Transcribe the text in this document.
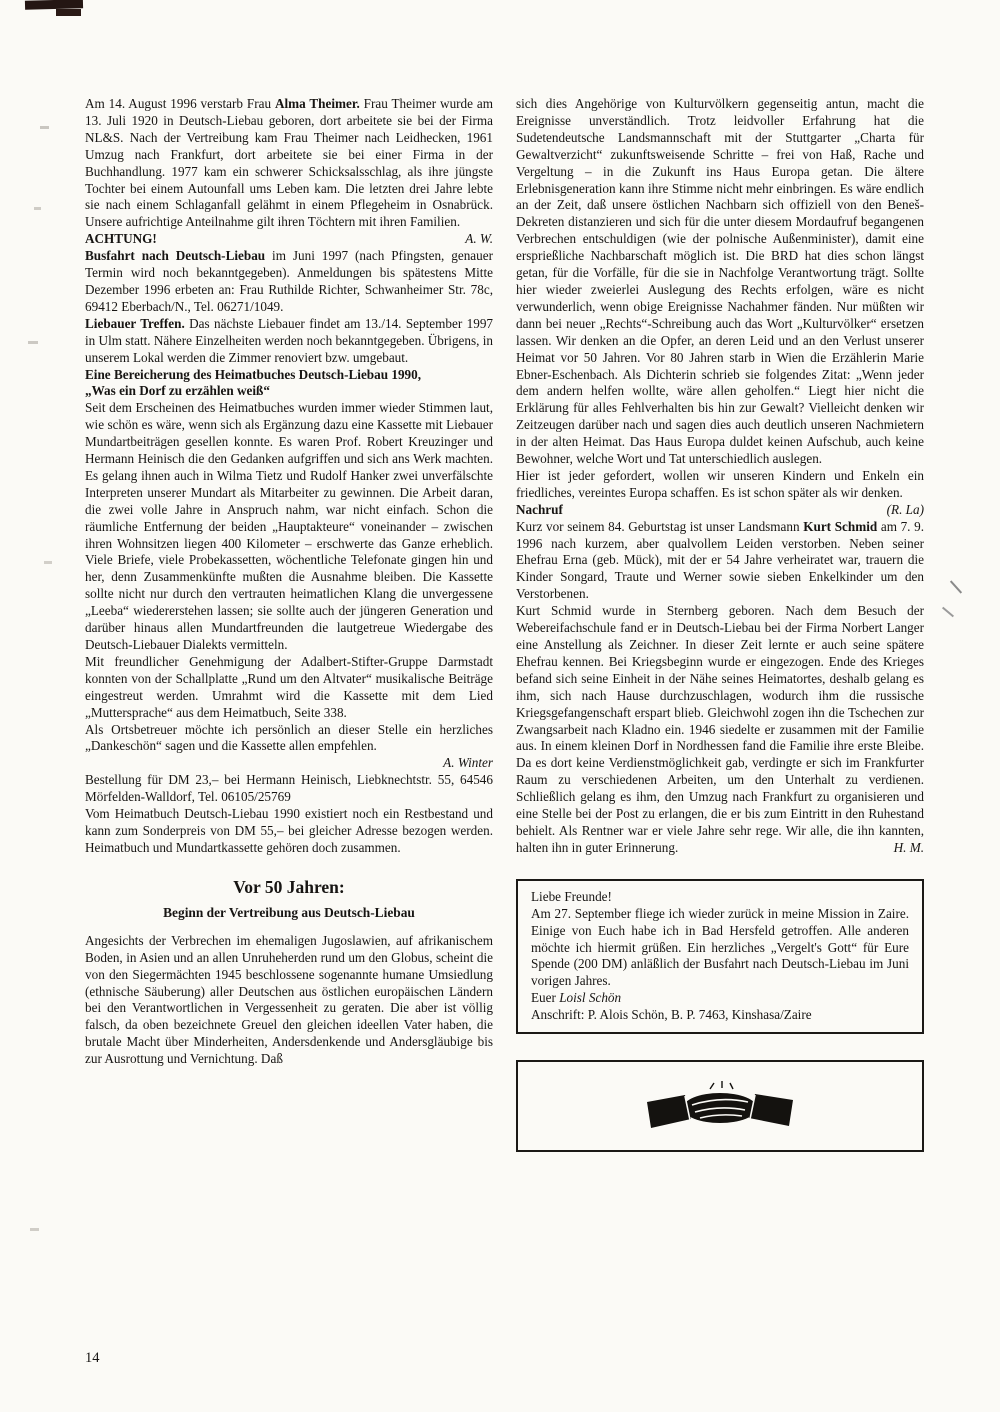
Am 14. August 1996 verstarb Frau Alma Theimer. Frau Theimer wurde am 13. Juli 1920 in Deutsch-Liebau geboren, dort arbeitete sie bei der Firma NL&S. Nach der Vertreibung kam Frau Theimer nach Leidhecken, 1961 Umzug nach Frankfurt, dort arbeitete sie bei einer Firma in der Buchhandlung. 1977 kam ein schwerer Schicksalsschlag, als ihre jüngste Tochter bei einem Autounfall ums Leben kam. Die letzten drei Jahre lebte sie nach einem Schlaganfall gelähmt in einem Pflegeheim in Osnabrück. Unsere aufrichtige Anteilnahme gilt ihren Töchtern mit ihren Familien.
A. W.

ACHTUNG!

Busfahrt nach Deutsch-Liebau im Juni 1997 (nach Pfingsten, genauer Termin wird noch bekanntgegeben). Anmeldungen bis spätestens Mitte Dezember 1996 erbeten an: Frau Ruthilde Richter, Schwanheimer Str. 78c, 69412 Eberbach/N., Tel. 06271/1049.

Liebauer Treffen. Das nächste Liebauer findet am 13./14. September 1997 in Ulm statt. Nähere Einzelheiten werden noch bekanntgegeben. Übrigens, in unserem Lokal werden die Zimmer renoviert bzw. umgebaut.

Eine Bereicherung des Heimatbuches Deutsch-Liebau 1990,
„Was ein Dorf zu erzählen weiß“

Seit dem Erscheinen des Heimatbuches wurden immer wieder Stimmen laut, wie schön es wäre, wenn sich als Ergänzung dazu eine Kassette mit Liebauer Mundartbeiträgen gesellen konnte. Es waren Prof. Robert Kreuzinger und Hermann Heinisch die den Gedanken aufgriffen und sich ans Werk machten. Es gelang ihnen auch in Wilma Tietz und Rudolf Hanker zwei unverfälschte Interpreten unserer Mundart als Mitarbeiter zu gewinnen. Die Arbeit daran, die zwei volle Jahre in Anspruch nahm, war nicht einfach. Schon die räumliche Entfernung der beiden „Hauptakteure“ voneinander – zwischen ihren Wohnsitzen liegen 400 Kilometer – erschwerte das Ganze erheblich. Viele Briefe, viele Probekassetten, wöchentliche Telefonate gingen hin und her, denn Zusammenkünfte mußten die Ausnahme bleiben. Die Kassette sollte nicht nur durch den vertrauten heimatlichen Klang die unvergessene „Leeba“ wiedererstehen lassen; sie sollte auch der jüngeren Generation und darüber hinaus allen Mundartfreunden die lautgetreue Wiedergabe des Deutsch-Liebauer Dialekts vermitteln.

Mit freundlicher Genehmigung der Adalbert-Stifter-Gruppe Darmstadt konnten von der Schallplatte „Rund um den Altvater“ musikalische Beiträge eingestreut werden. Umrahmt wird die Kassette mit dem Lied „Muttersprache“ aus dem Heimatbuch, Seite 338.

Als Ortsbetreuer möchte ich persönlich an dieser Stelle ein herzliches „Dankeschön“ sagen und die Kassette allen empfehlen.

A. Winter

Bestellung für DM 23,– bei Hermann Heinisch, Liebknechtstr. 55, 64546 Mörfelden-Walldorf, Tel. 06105/25769

Vom Heimatbuch Deutsch-Liebau 1990 existiert noch ein Restbestand und kann zum Sonderpreis von DM 55,– bei gleicher Adresse bezogen werden. Heimatbuch und Mundartkassette gehören doch zusammen.

Vor 50 Jahren:
Beginn der Vertreibung aus Deutsch-Liebau

Angesichts der Verbrechen im ehemaligen Jugoslawien, auf afrikanischem Boden, in Asien und an allen Unruheherden rund um den Globus, scheint die von den Siegermächten 1945 beschlossene sogenannte humane Umsiedlung (ethnische Säuberung) aller Deutschen aus östlichen europäischen Ländern bei den Verantwortlichen in Vergessenheit zu geraten. Die aber ist völlig falsch, da oben bezeichnete Greuel den gleichen ideellen Vater haben, die brutale Macht über Minderheiten, Andersdenkende und Andersgläubige bis zur Ausrottung und Vernichtung. Daß

sich dies Angehörige von Kulturvölkern gegenseitig antun, macht die Ereignisse unverständlich. Trotz leidvoller Erfahrung hat die Sudetendeutsche Landsmannschaft mit der Stuttgarter „Charta für Gewaltverzicht“ zukunftsweisende Schritte – frei von Haß, Rache und Vergeltung – in die Zukunft ins Haus Europa getan. Die ältere Erlebnisgeneration kann ihre Stimme nicht mehr einbringen. Es wäre endlich an der Zeit, daß unsere östlichen Nachbarn sich offiziell von den Beneš-Dekreten distanzieren und sich für die unter diesem Mordaufruf begangenen Verbrechen entschuldigen (wie der polnische Außenminister), damit eine ersprießliche Nachbarschaft möglich ist. Die BRD hat dies schon längst getan, für die Vorfälle, für die sie in Nachfolge Verantwortung trägt. Sollte hier wieder zweierlei Auslegung des Rechts erfolgen, wäre es nicht verwunderlich, wenn obige Ereignisse Nachahmer fänden. Nur müßten wir dann bei neuer „Rechts“-Schreibung auch das Wort „Kulturvölker“ ersetzen lassen. Wir denken an die Opfer, an deren Leid und an den Verlust unserer Heimat vor 50 Jahren. Vor 80 Jahren starb in Wien die Erzählerin Marie Ebner-Eschenbach. Als Dichterin schrieb sie folgendes Zitat: „Wenn jeder dem andern helfen wollte, wäre allen geholfen.“ Liegt hier nicht die Erklärung für alles Fehlverhalten bis hin zur Gewalt? Vielleicht denken wir Zeitzeugen darüber nach und sagen dies auch deutlich unseren Nachmietern in der alten Heimat. Das Haus Europa duldet keinen Aufschub, auch keine Bewohner, welche Wort und Tat unterschiedlich auslegen.

Hier ist jeder gefordert, wollen wir unseren Kindern und Enkeln ein friedliches, vereintes Europa schaffen. Es ist schon später als wir denken.
(R. La)

Nachruf

Kurz vor seinem 84. Geburtstag ist unser Landsmann Kurt Schmid am 7. 9. 1996 nach kurzem, aber qualvollem Leiden verstorben. Neben seiner Ehefrau Erna (geb. Mück), mit der er 54 Jahre verheiratet war, trauern die Kinder Songard, Traute und Werner sowie sieben Enkelkinder um den Verstorbenen.

Kurt Schmid wurde in Sternberg geboren. Nach dem Besuch der Webereifachschule fand er in Deutsch-Liebau bei der Firma Norbert Langer eine Anstellung als Zeichner. In dieser Zeit lernte er auch seine spätere Ehefrau kennen. Bei Kriegsbeginn wurde er eingezogen. Ende des Krieges befand sich seine Einheit in der Nähe seines Heimatortes, deshalb gelang es ihm, sich nach Hause durchzuschlagen, wodurch ihm die russische Kriegsgefangenschaft erspart blieb. Gleichwohl zogen ihn die Tschechen zur Zwangsarbeit nach Kladno ein. 1946 siedelte er zusammen mit der Familie aus. In einem kleinen Dorf in Nordhessen fand die Familie ihre erste Bleibe. Da es dort keine Verdienstmöglichkeit gab, verdingte er sich im Frankfurter Raum zu verschiedenen Arbeiten, um den Unterhalt zu verdienen. Schließlich gelang es ihm, den Umzug nach Frankfurt zu organisieren und eine Stelle bei der Post zu erlangen, die er bis zum Eintritt in den Ruhestand behielt. Als Rentner war er viele Jahre sehr rege. Wir alle, die ihn kannten, halten ihn in guter Erinnerung.	H. M.

Liebe Freunde!

Am 27. September fliege ich wieder zurück in meine Mission in Zaire. Einige von Euch habe ich in Bad Hersfeld getroffen. Alle anderen möchte ich hiermit grüßen. Ein herzliches „Vergelt's Gott“ für Eure Spende (200 DM) anläßlich der Busfahrt nach Deutsch-Liebau im Juni vorigen Jahres.

Euer Loisl Schön

Anschrift: P. Alois Schön, B. P. 7463, Kinshasa/Zaire

14
